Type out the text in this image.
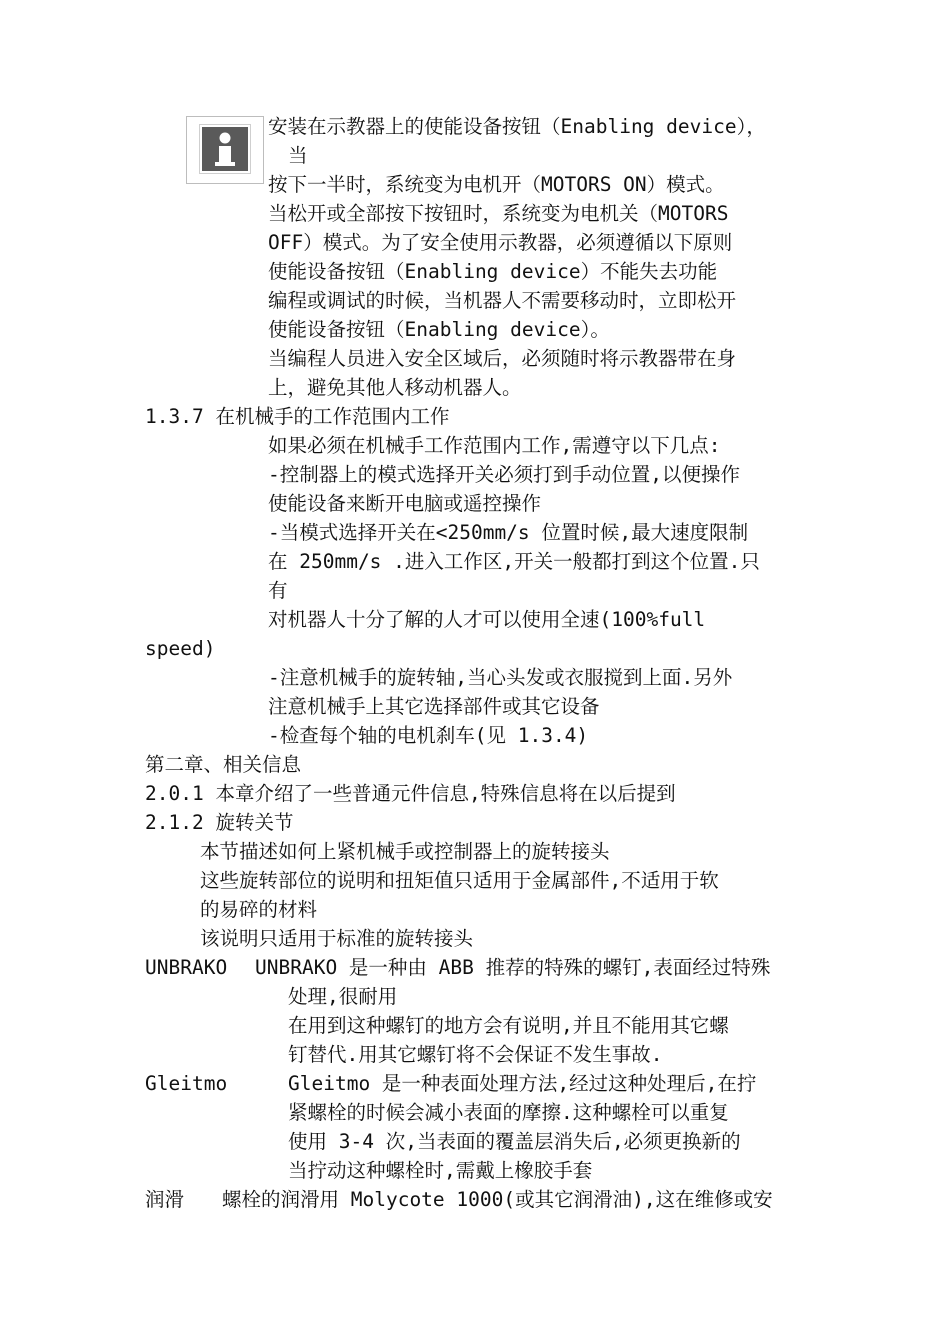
安装在示教器上的使能设备按钮（Enabling device），
当
按下一半时，系统变为电机开（MOTORS ON）模式。
当松开或全部按下按钮时，系统变为电机关（MOTORS
OFF）模式。为了安全使用示教器，必须遵循以下原则
使能设备按钮（Enabling device）不能失去功能
编程或调试的时候，当机器人不需要移动时，立即松开
使能设备按钮（Enabling device）。
当编程人员进入安全区域后，必须随时将示教器带在身
上，避免其他人移动机器人。
1.3.7 在机械手的工作范围内工作
如果必须在机械手工作范围内工作,需遵守以下几点:
-控制器上的模式选择开关必须打到手动位置,以便操作
使能设备来断开电脑或遥控操作
-当模式选择开关在<250mm/s 位置时候,最大速度限制
在 250mm/s .进入工作区,开关一般都打到这个位置.只
有
对机器人十分了解的人才可以使用全速(100%full
speed)
-注意机械手的旋转轴,当心头发或衣服搅到上面.另外
注意机械手上其它选择部件或其它设备
-检查每个轴的电机刹车(见 1.3.4)
第二章、相关信息
2.0.1 本章介绍了一些普通元件信息,特殊信息将在以后提到
2.1.2 旋转关节
本节描述如何上紧机械手或控制器上的旋转接头
这些旋转部位的说明和扭矩值只适用于金属部件,不适用于软
的易碎的材料
该说明只适用于标准的旋转接头
UNBRAKO UNBRAKO 是一种由 ABB 推荐的特殊的螺钉,表面经过特殊
处理,很耐用
在用到这种螺钉的地方会有说明,并且不能用其它螺
钉替代.用其它螺钉将不会保证不发生事故.
Gleitmo	Gleitmo 是一种表面处理方法,经过这种处理后,在拧
紧螺栓的时候会减小表面的摩擦.这种螺栓可以重复
使用 3-4 次,当表面的覆盖层消失后,必须更换新的
当拧动这种螺栓时,需戴上橡胶手套
润滑 螺栓的润滑用 Molycote 1000(或其它润滑油),这在维修或安
